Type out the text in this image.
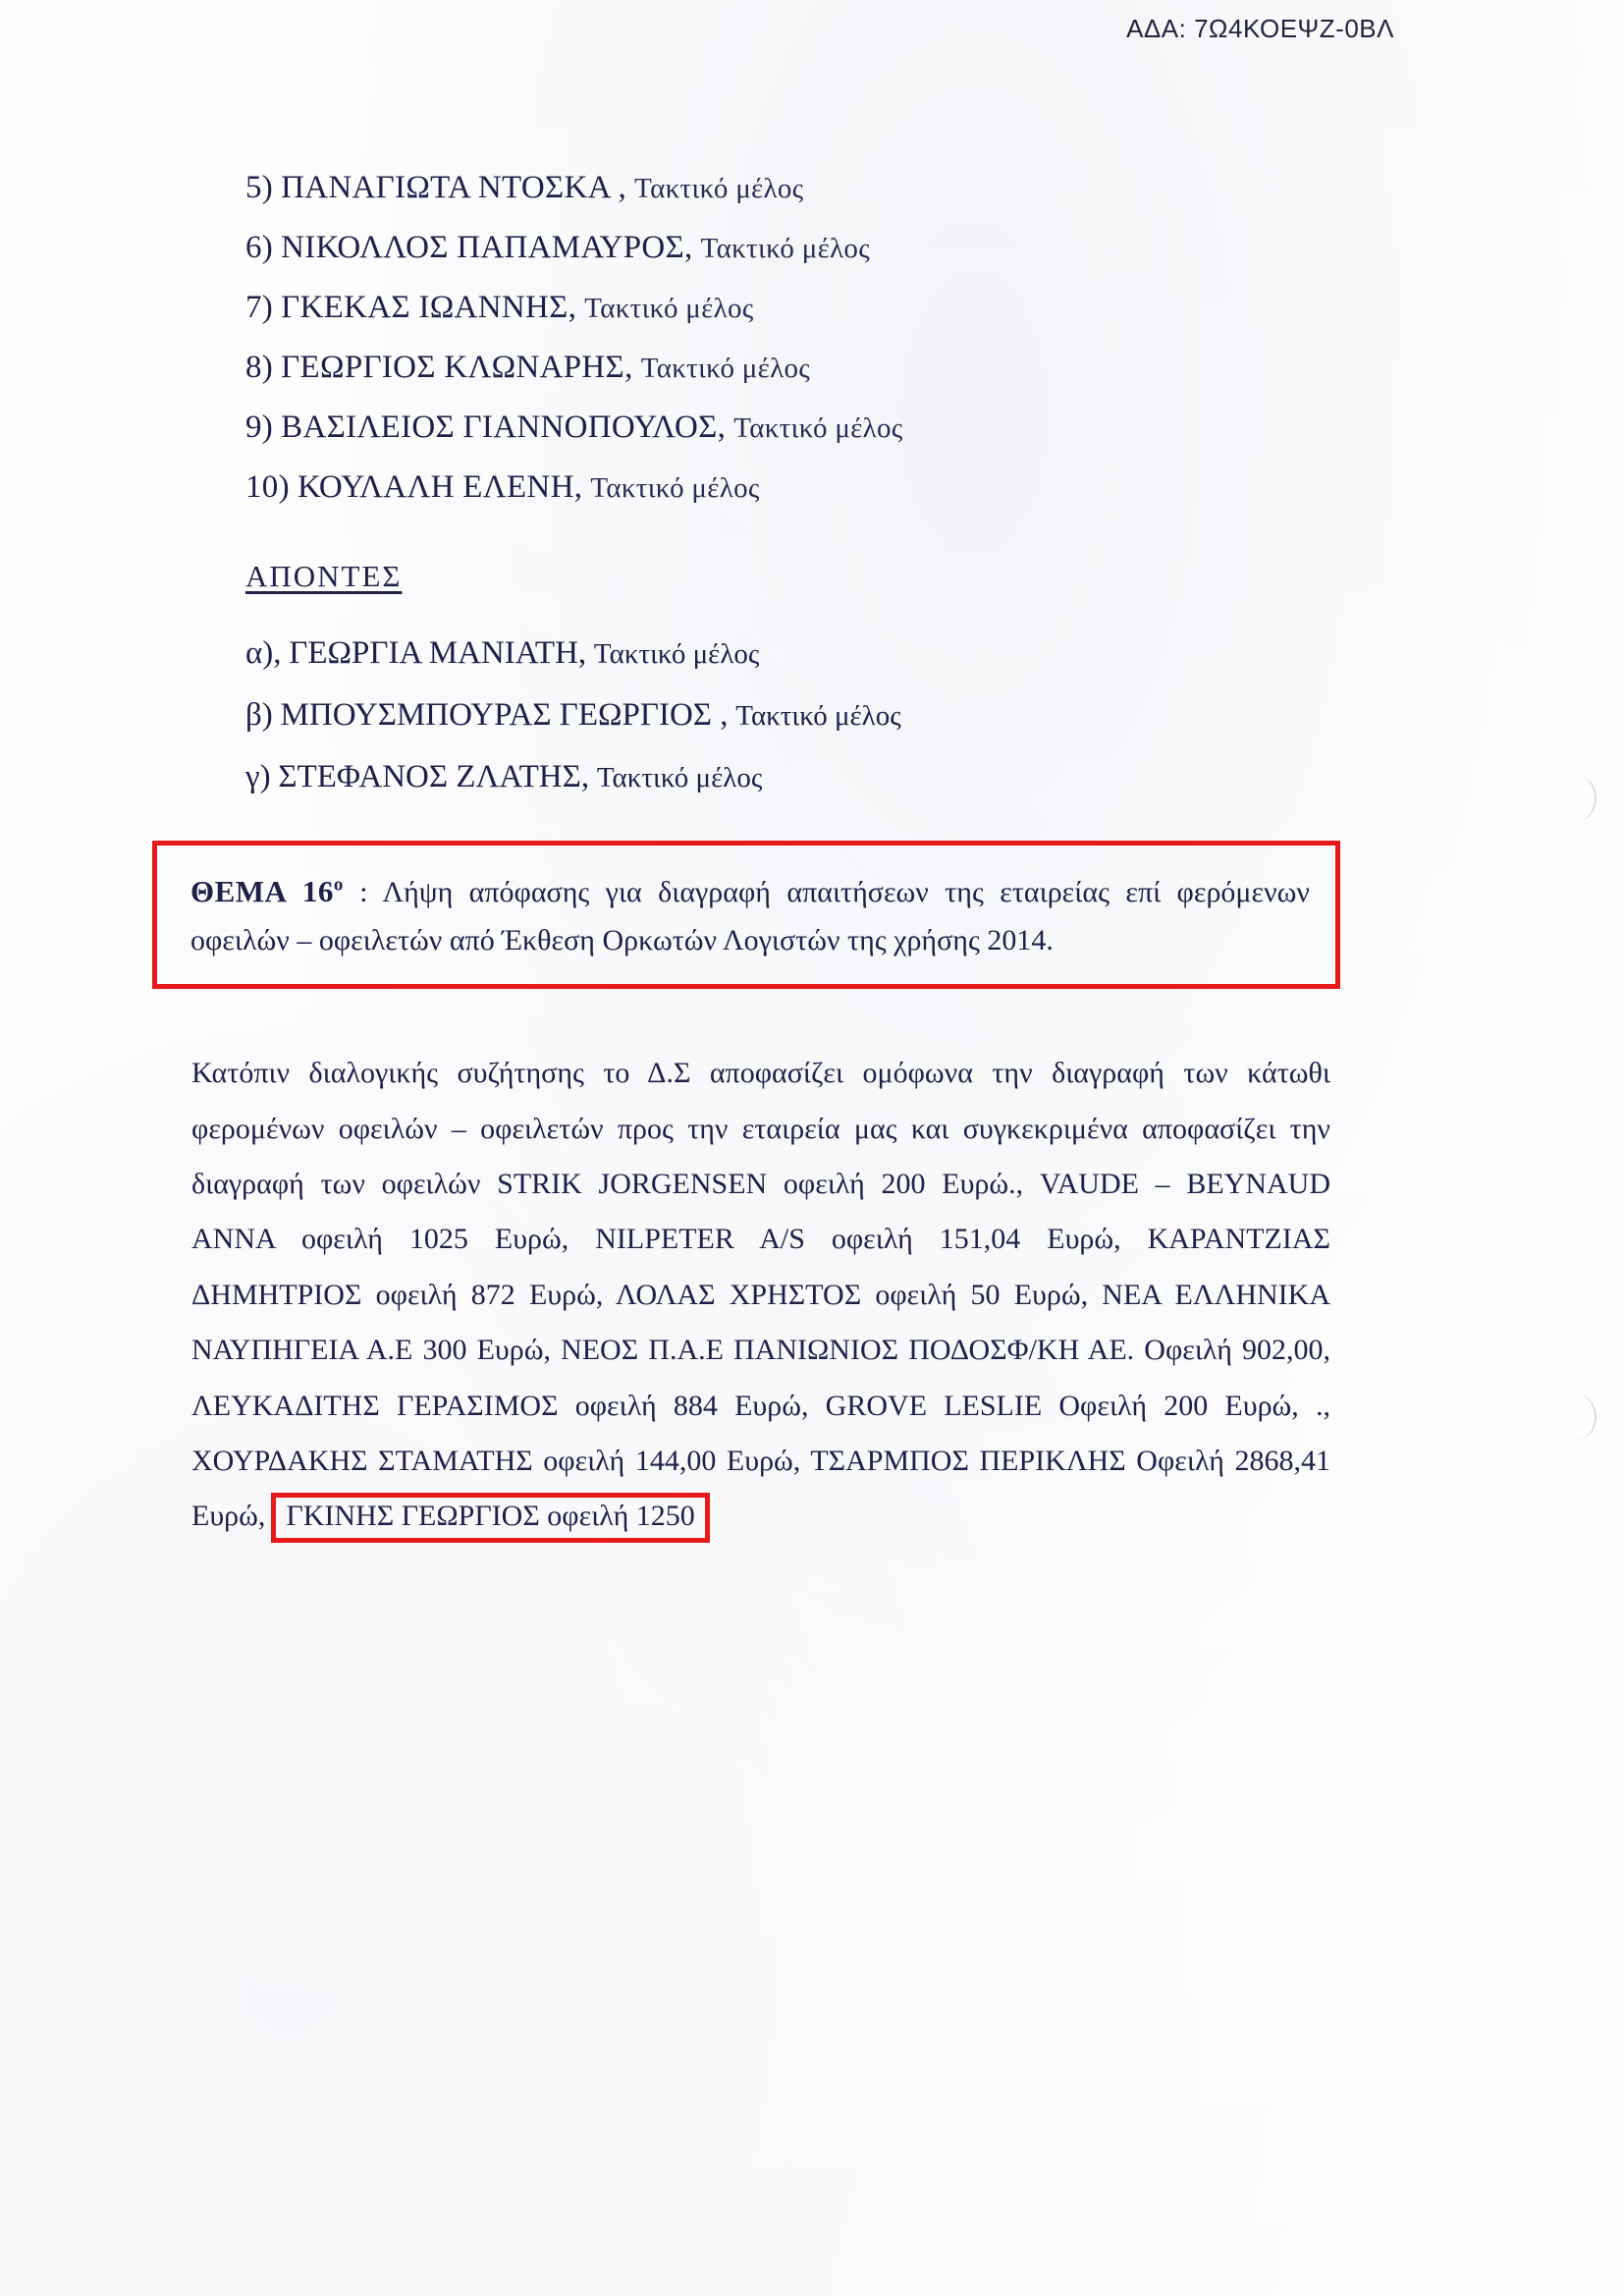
ΑΔΑ: 7Ω4ΚΟΕΨΖ-0ΒΛ
5) ΠΑΝΑΓΙΩΤΑ ΝΤΟΣΚΑ , Τακτικό μέλος
6) ΝΙΚΟΛΛΟΣ ΠΑΠΑΜΑΥΡΟΣ, Τακτικό μέλος
7) ΓΚΕΚΑΣ ΙΩΑΝΝΗΣ, Τακτικό μέλος
8) ΓΕΩΡΓΙΟΣ ΚΛΩΝΑΡΗΣ, Τακτικό μέλος
9) ΒΑΣΙΛΕΙΟΣ ΓΙΑΝΝΟΠΟΥΛΟΣ, Τακτικό μέλος
10) ΚΟΥΛΑΛΗ ΕΛΕΝΗ, Τακτικό μέλος
ΑΠΟΝΤΕΣ
α), ΓΕΩΡΓΙΑ ΜΑΝΙΑΤΗ, Τακτικό μέλος
β) ΜΠΟΥΣΜΠΟΥΡΑΣ ΓΕΩΡΓΙΟΣ , Τακτικό μέλος
γ) ΣΤΕΦΑΝΟΣ ΖΛΑΤΗΣ, Τακτικό μέλος

ΘΕΜΑ $16^o$ : Λήψη απόφασης για διαγραφή απαιτήσεων της εταιρείας επί φερόμενων οφειλών – οφειλετών από Έκθεση Ορκωτών Λογιστών της χρήσης 2014.

Κατόπιν διαλογικής συζήτησης το Δ.Σ αποφασίζει ομόφωνα την διαγραφή των κάτωθι φερομένων οφειλών – οφειλετών προς την εταιρεία μας και συγκεκριμένα αποφασίζει την διαγραφή των οφειλών STRIK JORGENSEN οφειλή 200 Ευρώ., VAUDE – BEYNAUD ANNA οφειλή 1025 Ευρώ, NILPETER A/S οφειλή 151,04 Ευρώ, ΚΑΡΑΝΤΖΙΑΣ ΔΗΜΗΤΡΙΟΣ οφειλή 872 Ευρώ, ΛΟΛΑΣ ΧΡΗΣΤΟΣ οφειλή 50 Ευρώ, ΝΕΑ ΕΛΛΗΝΙΚΑ ΝΑΥΠΗΓΕΙΑ Α.Ε 300 Ευρώ, ΝΕΟΣ Π.Α.Ε ΠΑΝΙΩΝΙΟΣ ΠΟΔΟΣΦ/ΚΗ ΑΕ. Οφειλή 902,00, ΛΕΥΚΑΔΙΤΗΣ ΓΕΡΑΣΙΜΟΣ οφειλή 884 Ευρώ, GROVE LESLIE Οφειλή 200 Ευρώ, ., ΧΟΥΡΔΑΚΗΣ ΣΤΑΜΑΤΗΣ οφειλή 144,00 Ευρώ, ΤΣΑΡΜΠΟΣ ΠΕΡΙΚΛΗΣ Οφειλή 2868,41 Ευρώ, ΓΚΙΝΗΣ ΓΕΩΡΓΙΟΣ οφειλή 1250
